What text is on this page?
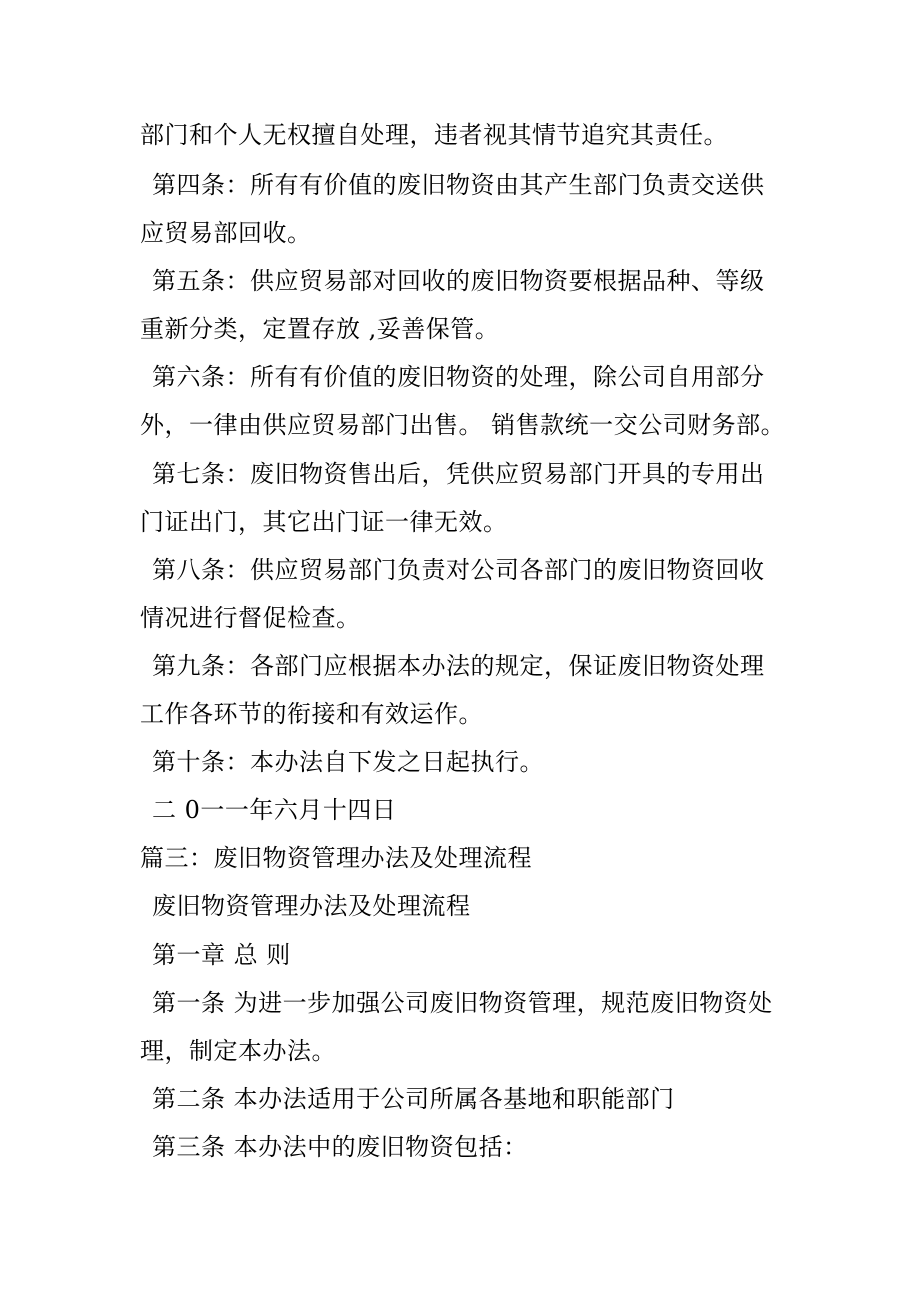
部门和个人无权擅自处理，违者视其情节追究其责任。
第四条：所有有价值的废旧物资由其产生部门负责交送供
应贸易部回收。
第五条：供应贸易部对回收的废旧物资要根据品种、等级
重新分类，定置存放 ,妥善保管。
第六条：所有有价值的废旧物资的处理，除公司自用部分
外，一律由供应贸易部门出售。 销售款统一交公司财务部。
第七条：废旧物资售出后，凭供应贸易部门开具的专用出
门证出门，其它出门证一律无效。
第八条：供应贸易部门负责对公司各部门的废旧物资回收
情况进行督促检查。
第九条：各部门应根据本办法的规定，保证废旧物资处理
工作各环节的衔接和有效运作。
第十条：本办法自下发之日起执行。
二 0一一年六月十四日
篇三：废旧物资管理办法及处理流程
废旧物资管理办法及处理流程
第一章 总 则
第一条 为进一步加强公司废旧物资管理，规范废旧物资处
理，制定本办法。
第二条 本办法适用于公司所属各基地和职能部门
第三条 本办法中的废旧物资包括：
